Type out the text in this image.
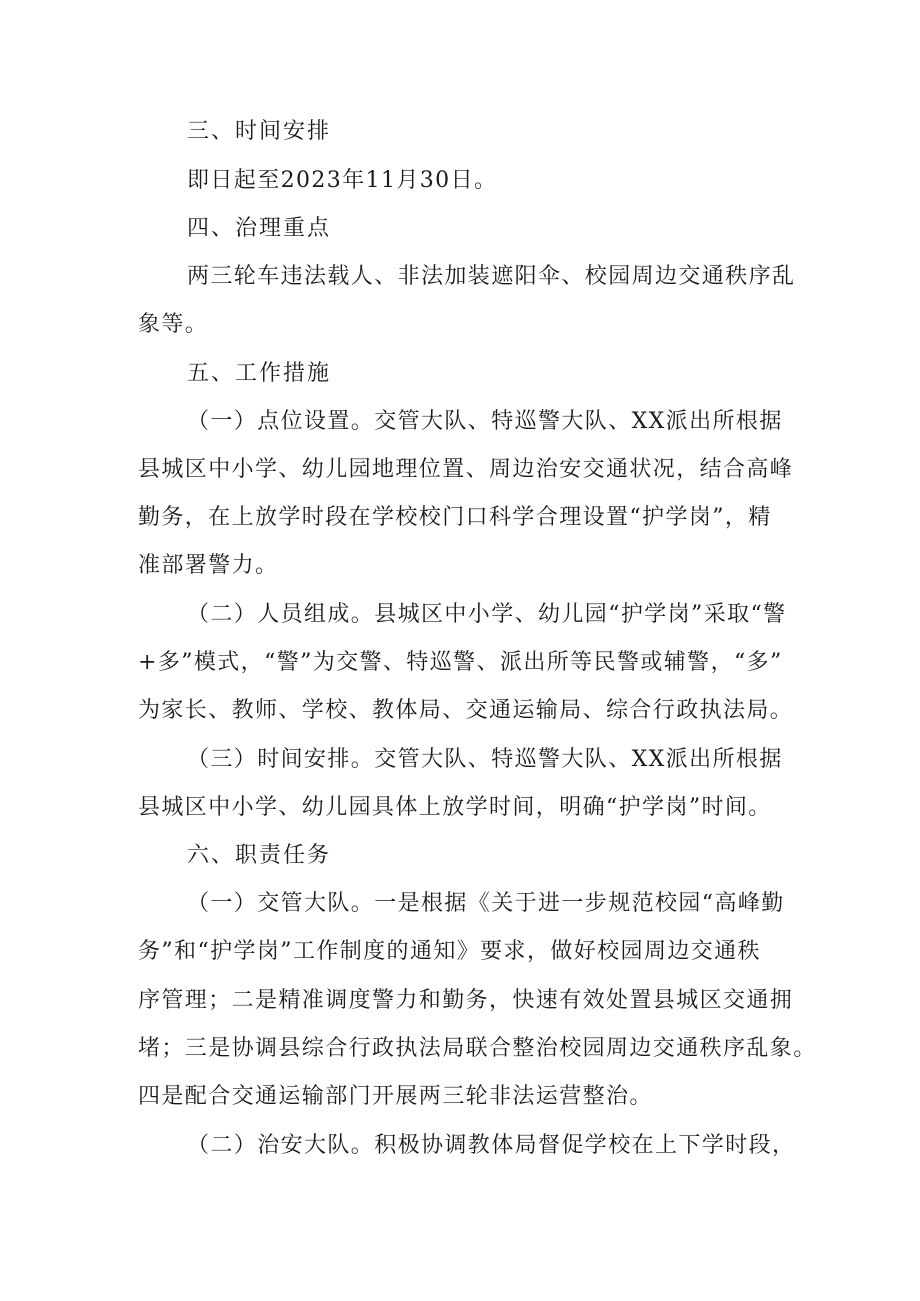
三、时间安排
即日起至2023年11月30日。
四、治理重点
两三轮车违法载人、非法加装遮阳伞、校园周边交通秩序乱
象等。
五、工作措施
（一）点位设置。交管大队、特巡警大队、XX派出所根据
县城区中小学、幼儿园地理位置、周边治安交通状况，结合高峰
勤务，在上放学时段在学校校门口科学合理设置“护学岗”，精
准部署警力。
（二）人员组成。县城区中小学、幼儿园“护学岗”采取“警
+多”模式，“警”为交警、特巡警、派出所等民警或辅警，“多”
为家长、教师、学校、教体局、交通运输局、综合行政执法局。
（三）时间安排。交管大队、特巡警大队、XX派出所根据
县城区中小学、幼儿园具体上放学时间，明确“护学岗”时间。
六、职责任务
（一）交管大队。一是根据《关于进一步规范校园“高峰勤
务”和“护学岗”工作制度的通知》要求，做好校园周边交通秩
序管理；二是精准调度警力和勤务，快速有效处置县城区交通拥
堵；三是协调县综合行政执法局联合整治校园周边交通秩序乱象。
四是配合交通运输部门开展两三轮非法运营整治。
（二）治安大队。积极协调教体局督促学校在上下学时段，
